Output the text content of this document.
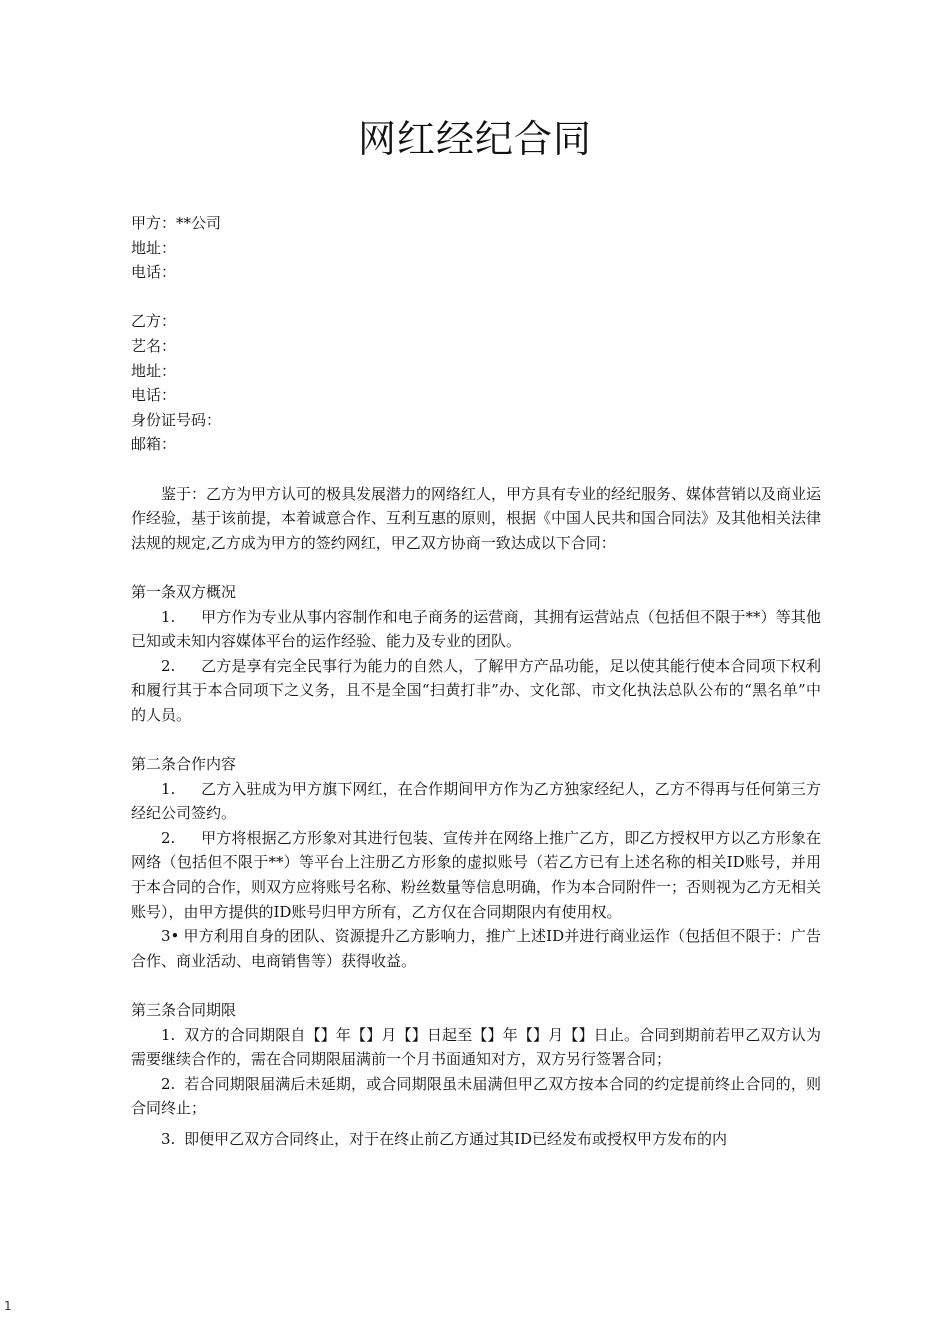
网红经纪合同
甲方：**公司
地址：
电话：
乙方：
艺名：
地址：
电话：
身份证号码：
邮箱：
鉴于：乙方为甲方认可的极具发展潜力的网络红人，甲方具有专业的经纪服务、媒体营销以及商业运作经验，基于该前提，本着诚意合作、互利互惠的原则，根据《中国人民共和国合同法》及其他相关法律法规的规定,乙方成为甲方的签约网红，甲乙双方协商一致达成以下合同：
第一条双方概况
1. 甲方作为专业从事内容制作和电子商务的运营商，其拥有运营站点（包括但不限于**）等其他已知或未知内容媒体平台的运作经验、能力及专业的团队。
2. 乙方是享有完全民事行为能力的自然人，了解甲方产品功能，足以使其能行使本合同项下权利和履行其于本合同项下之义务，且不是全国“扫黄打非”办、文化部、市文化执法总队公布的“黑名单”中的人员。
第二条合作内容
1. 乙方入驻成为甲方旗下网红，在合作期间甲方作为乙方独家经纪人，乙方不得再与任何第三方经纪公司签约。
2. 甲方将根据乙方形象对其进行包装、宣传并在网络上推广乙方，即乙方授权甲方以乙方形象在网络（包括但不限于**）等平台上注册乙方形象的虚拟账号（若乙方已有上述名称的相关ID账号，并用于本合同的合作，则双方应将账号名称、粉丝数量等信息明确，作为本合同附件一；否则视为乙方无相关账号），由甲方提供的ID账号归甲方所有，乙方仅在合同期限内有使用权。
3• 甲方利用自身的团队、资源提升乙方影响力，推广上述ID并进行商业运作（包括但不限于：广告合作、商业活动、电商销售等）获得收益。
第三条合同期限
1. 双方的合同期限自【】年【】月【】日起至【】年【】月【】日止。合同到期前若甲乙双方认为需要继续合作的，需在合同期限届满前一个月书面通知对方，双方另行签署合同；
2. 若合同期限届满后未延期，或合同期限虽未届满但甲乙双方按本合同的约定提前终止合同的，则合同终止；
3. 即便甲乙双方合同终止，对于在终止前乙方通过其ID已经发布或授权甲方发布的内
1
